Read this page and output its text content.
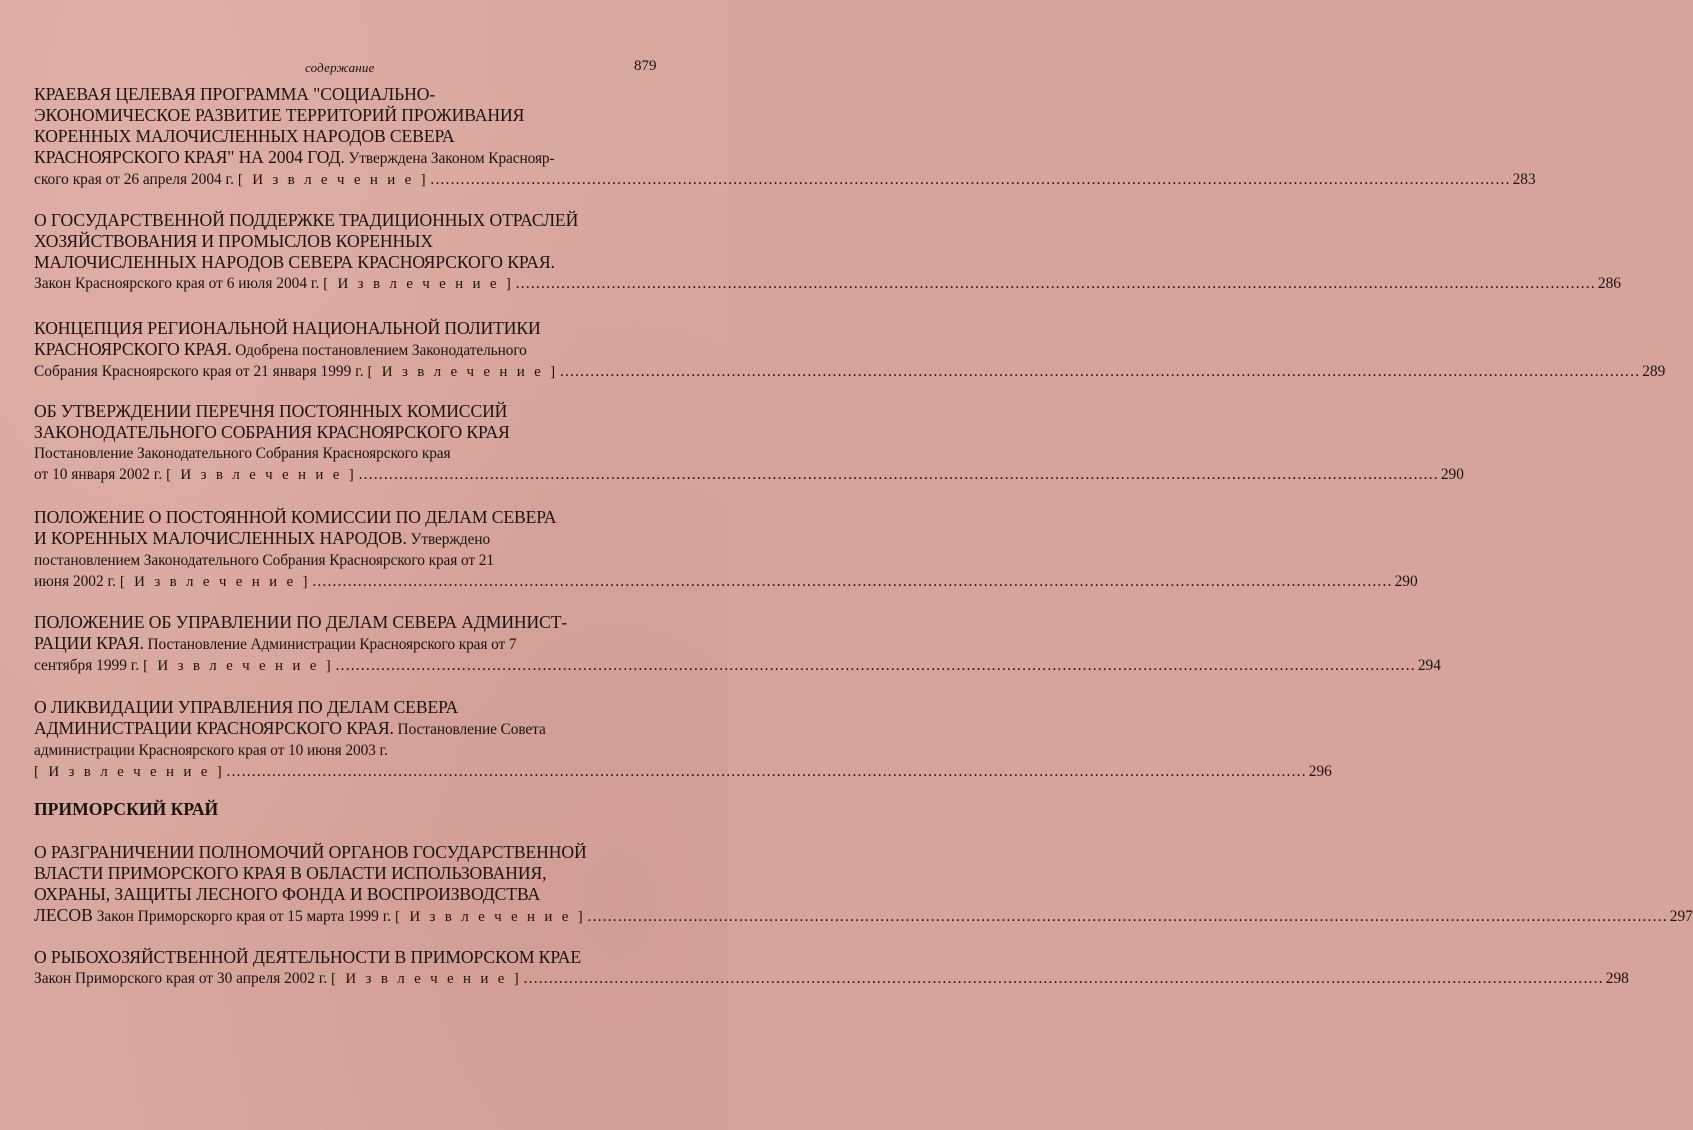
содержание	879
КРАЕВАЯ ЦЕЛЕВАЯ ПРОГРАММА "СОЦИАЛЬНО-
ЭКОНОМИЧЕСКОЕ РАЗВИТИЕ ТЕРРИТОРИЙ ПРОЖИВАНИЯ
КОРЕННЫХ МАЛОЧИСЛЕННЫХ НАРОДОВ СЕВЕРА
КРАСНОЯРСКОГО КРАЯ" НА 2004 ГОД. Утверждена Законом Краснояр-
ского края от 26 апреля 2004 г. [ И з в л е ч е н и е ] ...................................................................................................................................................................................................................... 283
О ГОСУДАРСТВЕННОЙ ПОДДЕРЖКЕ ТРАДИЦИОННЫХ ОТРАСЛЕЙ
ХОЗЯЙСТВОВАНИЯ И ПРОМЫСЛОВ КОРЕННЫХ
МАЛОЧИСЛЕННЫХ НАРОДОВ СЕВЕРА КРАСНОЯРСКОГО КРАЯ.
Закон Красноярского края от 6 июля 2004 г. [ И з в л е ч е н и е ] ...................................................................................................................................................................................................................... 286
КОНЦЕПЦИЯ РЕГИОНАЛЬНОЙ НАЦИОНАЛЬНОЙ ПОЛИТИКИ
КРАСНОЯРСКОГО КРАЯ. Одобрена постановлением Законодательного
Собрания Красноярского края от 21 января 1999 г. [ И з в л е ч е н и е ] ...................................................................................................................................................................................................................... 289
ОБ УТВЕРЖДЕНИИ ПЕРЕЧНЯ ПОСТОЯННЫХ КОМИССИЙ
ЗАКОНОДАТЕЛЬНОГО СОБРАНИЯ КРАСНОЯРСКОГО КРАЯ
Постановление Законодательного Собрания Красноярского края
от 10 января 2002 г. [ И з в л е ч е н и е ] ...................................................................................................................................................................................................................... 290
ПОЛОЖЕНИЕ О ПОСТОЯННОЙ КОМИССИИ ПО ДЕЛАМ СЕВЕРА
И КОРЕННЫХ МАЛОЧИСЛЕННЫХ НАРОДОВ. Утверждено
постановлением Законодательного Собрания Красноярского края от 21
июня 2002 г. [ И з в л е ч е н и е ] ...................................................................................................................................................................................................................... 290
ПОЛОЖЕНИЕ ОБ УПРАВЛЕНИИ ПО ДЕЛАМ СЕВЕРА АДМИНИСТ-
РАЦИИ КРАЯ. Постановление Администрации Красноярского края от 7
сентября 1999 г. [ И з в л е ч е н и е ] ...................................................................................................................................................................................................................... 294
О ЛИКВИДАЦИИ УПРАВЛЕНИЯ ПО ДЕЛАМ СЕВЕРА
АДМИНИСТРАЦИИ КРАСНОЯРСКОГО КРАЯ. Постановление Совета
администрации Красноярского края от 10 июня 2003 г.
[ И з в л е ч е н и е ] ...................................................................................................................................................................................................................... 296
ПРИМОРСКИЙ КРАЙ
О РАЗГРАНИЧЕНИИ ПОЛНОМОЧИЙ ОРГАНОВ ГОСУДАРСТВЕННОЙ
ВЛАСТИ ПРИМОРСКОГО КРАЯ В ОБЛАСТИ ИСПОЛЬЗОВАНИЯ,
ОХРАНЫ, ЗАЩИТЫ ЛЕСНОГО ФОНДА И ВОСПРОИЗВОДСТВА
ЛЕСОВ Закон Приморскорго края от 15 марта 1999 г. [ И з в л е ч е н и е ] ...................................................................................................................................................................................................................... 297
О РЫБОХОЗЯЙСТВЕННОЙ ДЕЯТЕЛЬНОСТИ В ПРИМОРСКОМ КРАЕ
Закон Приморского края от 30 апреля 2002 г. [ И з в л е ч е н и е ] ...................................................................................................................................................................................................................... 298
